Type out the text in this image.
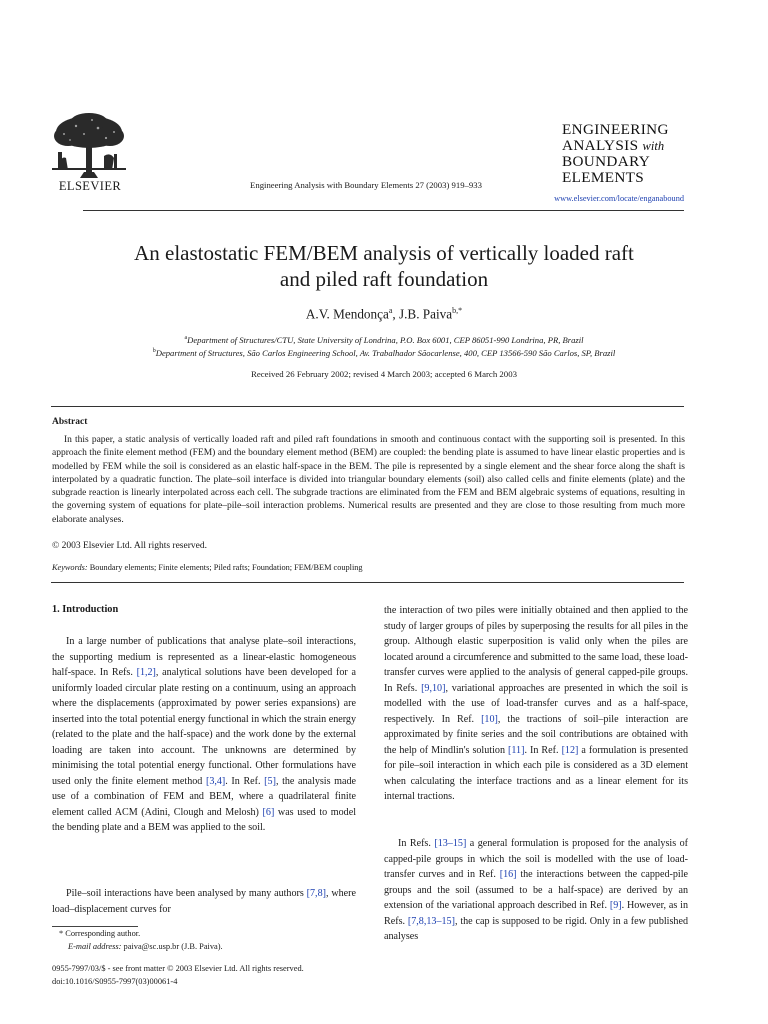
ELSEVIER	Engineering Analysis with Boundary Elements 27 (2003) 919–933
ENGINEERING
ANALYSIS with
BOUNDARY
ELEMENTS
www.elsevier.com/locate/enganabound
An elastostatic FEM/BEM analysis of vertically loaded raft
and piled raft foundation
A.V. Mendonça$^a$, J.B. Paiva$^{b,*}$
$^a$Department of Structures/CTU, State University of Londrina, P.O. Box 6001, CEP 86051-990 Londrina, PR, Brazil
$^b$Department of Structures, São Carlos Engineering School, Av. Trabalhador Sãocarlense, 400, CEP 13566-590 São Carlos, SP, Brazil
Received 26 February 2002; revised 4 March 2003; accepted 6 March 2003
Abstract

In this paper, a static analysis of vertically loaded raft and piled raft foundations in smooth and continuous contact with the supporting soil is presented. In this approach the finite element method (FEM) and the boundary element method (BEM) are coupled: the bending plate is assumed to have linear elastic properties and is modelled by FEM while the soil is considered as an elastic half-space in the BEM. The pile is represented by a single element and the shear force along the shaft is interpolated by a quadratic function. The plate–soil interface is divided into triangular boundary elements (soil) also called cells and finite elements (plate) and the subgrade reaction is linearly interpolated across each cell. The subgrade tractions are eliminated from the FEM and BEM algebraic systems of equations, resulting in the governing system of equations for plate–pile–soil interaction problems. Numerical results are presented and they are close to those resulting from much more elaborate analyses.

© 2003 Elsevier Ltd. All rights reserved.
Keywords: Boundary elements; Finite elements; Piled rafts; Foundation; FEM/BEM coupling
1. Introduction

In a large number of publications that analyse plate–soil interactions, the supporting medium is represented as a linear-elastic homogeneous half-space. In Refs. [1,2], analytical solutions have been developed for a uniformly loaded circular plate resting on a continuum, using an approach where the displacements (approximated by power series expansions) are inserted into the total potential energy functional in which the strain energy (related to the plate and the half-space) and the work done by the external loading are taken into account. The unknowns are determined by minimising the total potential energy functional. Other formulations have used only the finite element method [3,4]. In Ref. [5], the analysis made use of a combination of FEM and BEM, where a quadrilateral finite element called ACM (Adini, Clough and Melosh) [6] was used to model the bending plate and a BEM was applied to the soil.

Pile–soil interactions have been analysed by many authors [7,8], where load–displacement curves for

the interaction of two piles were initially obtained and then applied to the study of larger groups of piles by superposing the results for all piles in the group. Although elastic superposition is valid only when the piles are located around a circumference and submitted to the same load, these load-transfer curves were applied to the analysis of general capped-pile groups. In Refs. [9,10], variational approaches are presented in which the soil is modelled with the use of load-transfer curves and as a half-space, respectively. In Ref. [10], the tractions of soil–pile interaction are approximated by finite series and the soil contributions are obtained with the help of Mindlin's solution [11]. In Ref. [12] a formulation is presented for pile–soil interaction in which each pile is considered as a 3D element when calculating the interface tractions and as a linear element for its internal tractions.

In Refs. [13–15] a general formulation is proposed for the analysis of capped-pile groups in which the soil is modelled with the use of load-transfer curves and in Ref. [16] the interactions between the capped-pile groups and the soil (assumed to be a half-space) are derived by an extension of the variational approach described in Ref. [9]. However, as in Refs. [7,8,13–15], the cap is supposed to be rigid. Only in a few published analyses

* Corresponding author.
E-mail address: paiva@sc.usp.br (J.B. Paiva).
0955-7997/03/$ - see front matter © 2003 Elsevier Ltd. All rights reserved.
doi:10.1016/S0955-7997(03)00061-4
